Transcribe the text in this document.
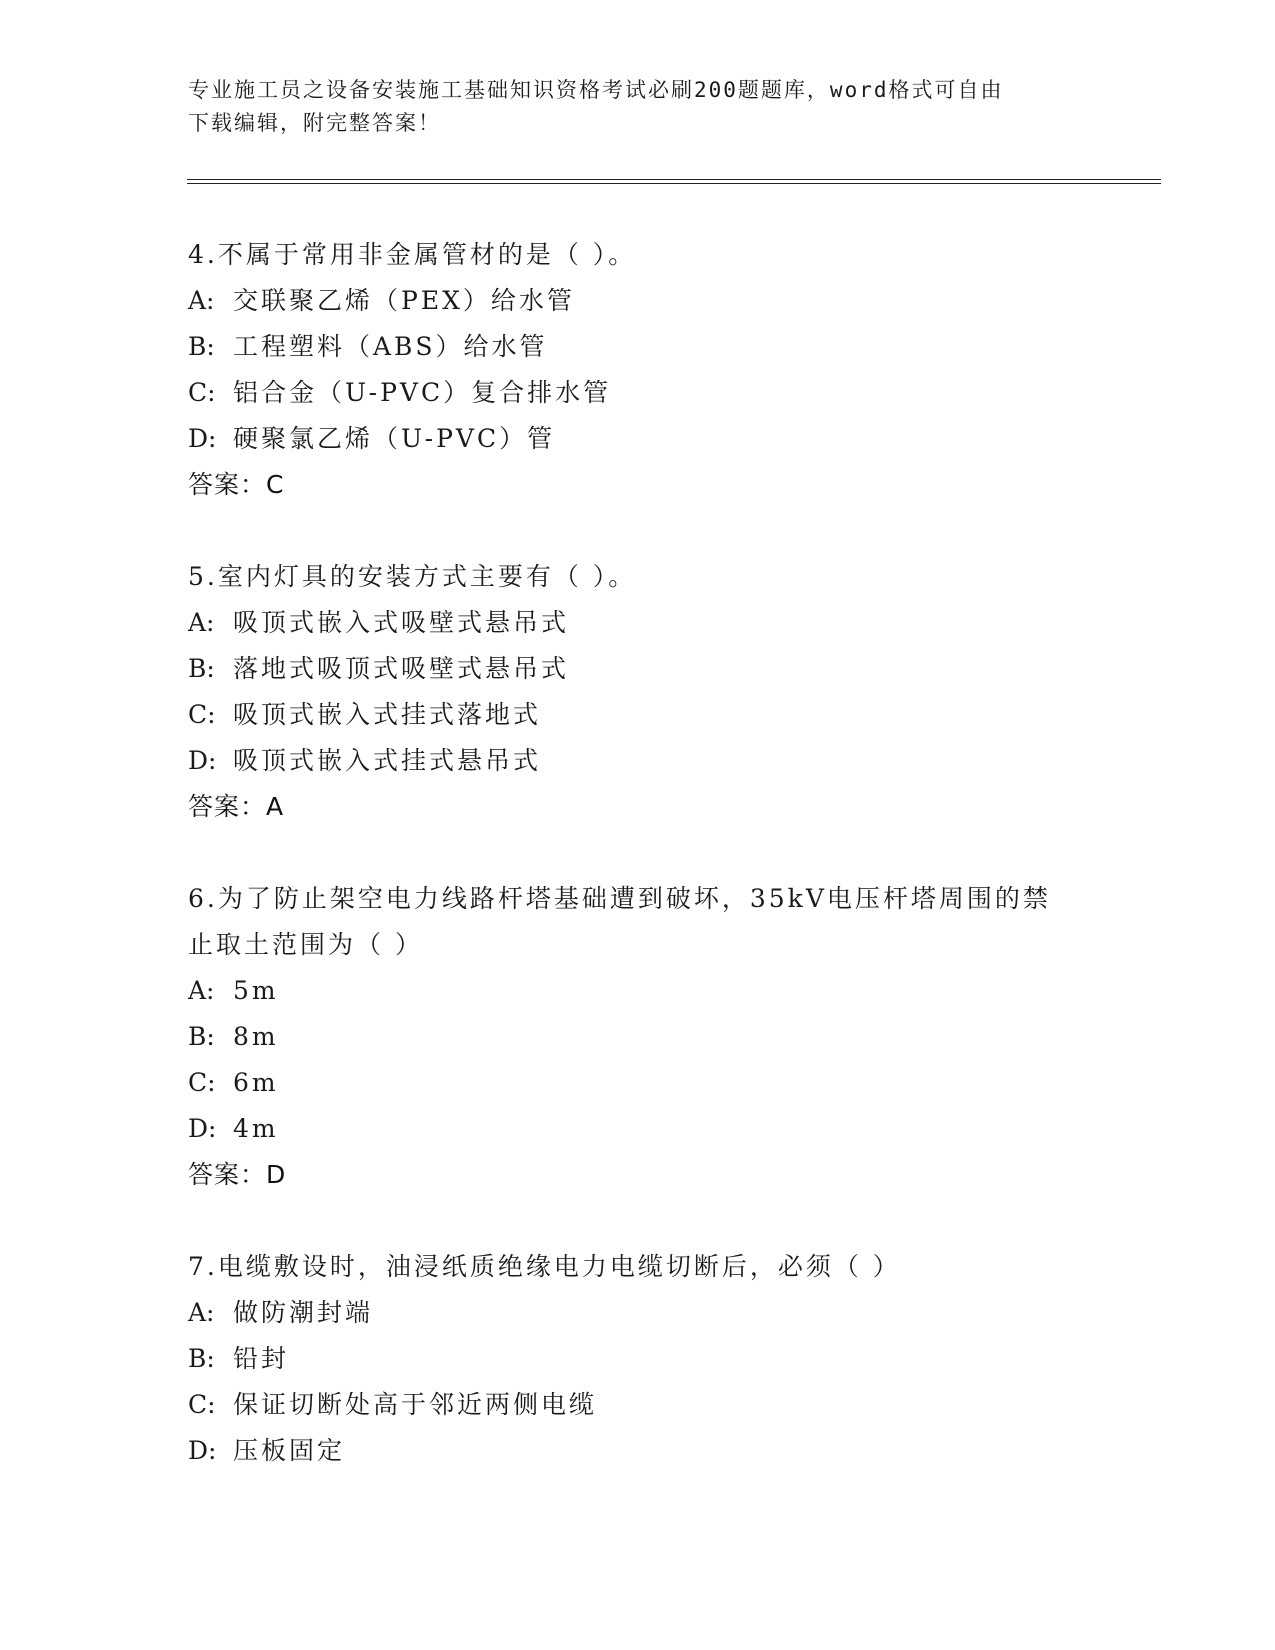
专业施工员之设备安装施工基础知识资格考试必刷200题题库，word格式可自由
下载编辑，附完整答案！
4.不属于常用非金属管材的是（ ）。
A: 交联聚乙烯（PEX）给水管
B: 工程塑料（ABS）给水管
C: 铝合金（U-PVC）复合排水管
D: 硬聚氯乙烯（U-PVC）管
答案：C
5.室内灯具的安装方式主要有（ ）。
A: 吸顶式嵌入式吸壁式悬吊式
B: 落地式吸顶式吸壁式悬吊式
C: 吸顶式嵌入式挂式落地式
D: 吸顶式嵌入式挂式悬吊式
答案：A
6.为了防止架空电力线路杆塔基础遭到破坏，35kV电压杆塔周围的禁止取土范围为（ ）
A: 5m
B: 8m
C: 6m
D: 4m
答案：D
7.电缆敷设时，油浸纸质绝缘电力电缆切断后，必须（ ）
A: 做防潮封端
B: 铅封
C: 保证切断处高于邻近两侧电缆
D: 压板固定
